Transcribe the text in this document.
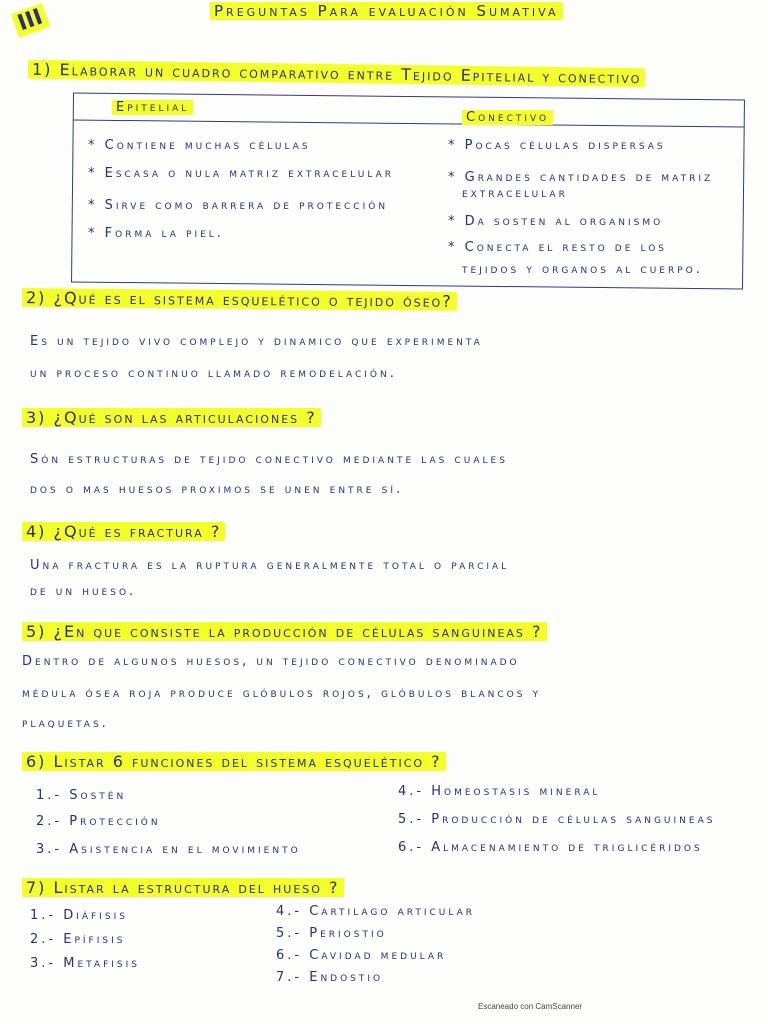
III	Preguntas Para evaluación Sumativa
1) Elaborar un cuadro comparativo entre Tejido Epitelial y conectivo
Epitelial
Conectivo
* Contiene muchas células
* Escasa o nula matriz extracelular
* Sirve como barrera de protección
* Forma la piel.
* Pocas células dispersas
* Grandes cantidades de matriz
extracelular
* Da sosten al organismo
* Conecta el resto de los
tejidos y organos al cuerpo.
2) ¿Qué es el sistema esquelético o tejido óseo?
Es un tejido vivo complejo y dinamico que experimenta
un proceso continuo llamado remodelación.
3) ¿Qué son las articulaciones ?
Són estructuras de tejido conectivo mediante las cuales
dos o mas huesos proximos se unen entre sí.
4) ¿Qué es fractura ?
Una fractura es la ruptura generalmente total o parcial
de un hueso.
5) ¿En que consiste la producción de células sanguineas ?
Dentro de algunos huesos, un tejido conectivo denominado
médula ósea roja produce glóbulos rojos, glóbulos blancos y
plaquetas.
6) Listar 6 funciones del sistema esquelético ?
1.- Sostén
2.- Protección
3.- Asistencia en el movimiento
4.- Homeostasis mineral
5.- Producción de células sanguineas
6.- Almacenamiento de triglicéridos
7) Listar la estructura del hueso ?
1.- Diáfisis
2.- Epífisis
3.- Metafisis
4.- Cartilago articular
5.- Periostio
6.- Cavidad medular
7.- Endostio
Escaneado con CamScanner
